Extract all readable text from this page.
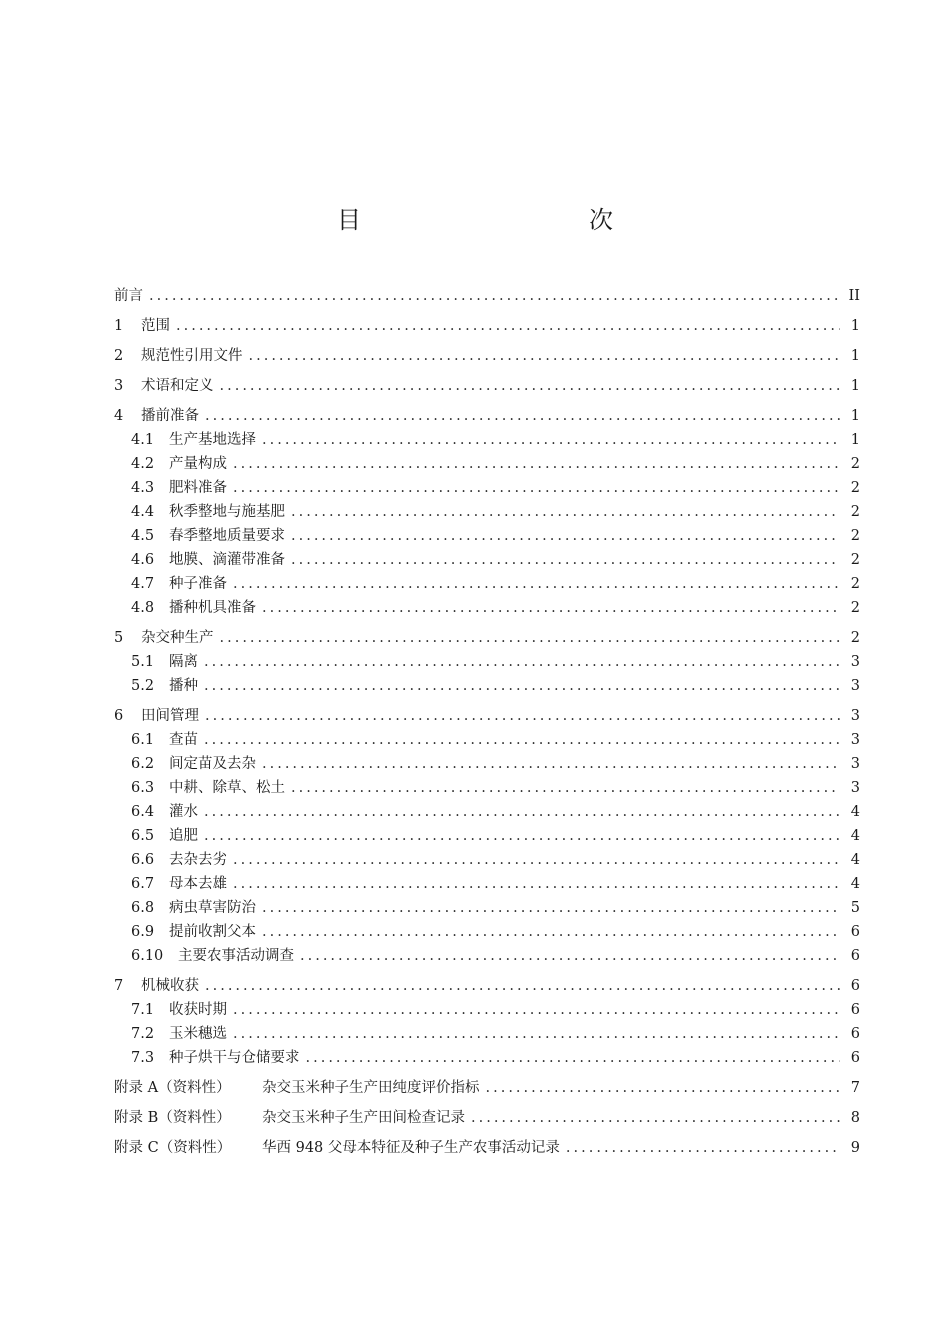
目　　次
前言 .....	II
1	范围 .....	1
2	规范性引用文件 .....	1
3	术语和定义 .....	1
4	播前准备 .....	1
4.1	生产基地选择 .....	1
4.2	产量构成 .....	2
4.3	肥料准备 .....	2
4.4	秋季整地与施基肥 .....	2
4.5	春季整地质量要求 .....	2
4.6	地膜、滴灌带准备 .....	2
4.7	种子准备 .....	2
4.8	播种机具准备 .....	2
5	杂交种生产 .....	2
5.1	隔离 .....	3
5.2	播种 .....	3
6	田间管理 .....	3
6.1	查苗 .....	3
6.2	间定苗及去杂 .....	3
6.3	中耕、除草、松土 .....	3
6.4	灌水 .....	4
6.5	追肥 .....	4
6.6	去杂去劣 .....	4
6.7	母本去雄 .....	4
6.8	病虫草害防治 .....	5
6.9	提前收割父本 .....	6
6.10	主要农事活动调查 .....	6
7	机械收获 .....	6
7.1	收获时期 .....	6
7.2	玉米穗选 .....	6
7.3	种子烘干与仓储要求 .....	6
附录 A（资料性）	杂交玉米种子生产田纯度评价指标 .....	7
附录 B（资料性）	杂交玉米种子生产田间检查记录 .....	8
附录 C（资料性）	华西 948 父母本特征及种子生产农事活动记录 .....	9
